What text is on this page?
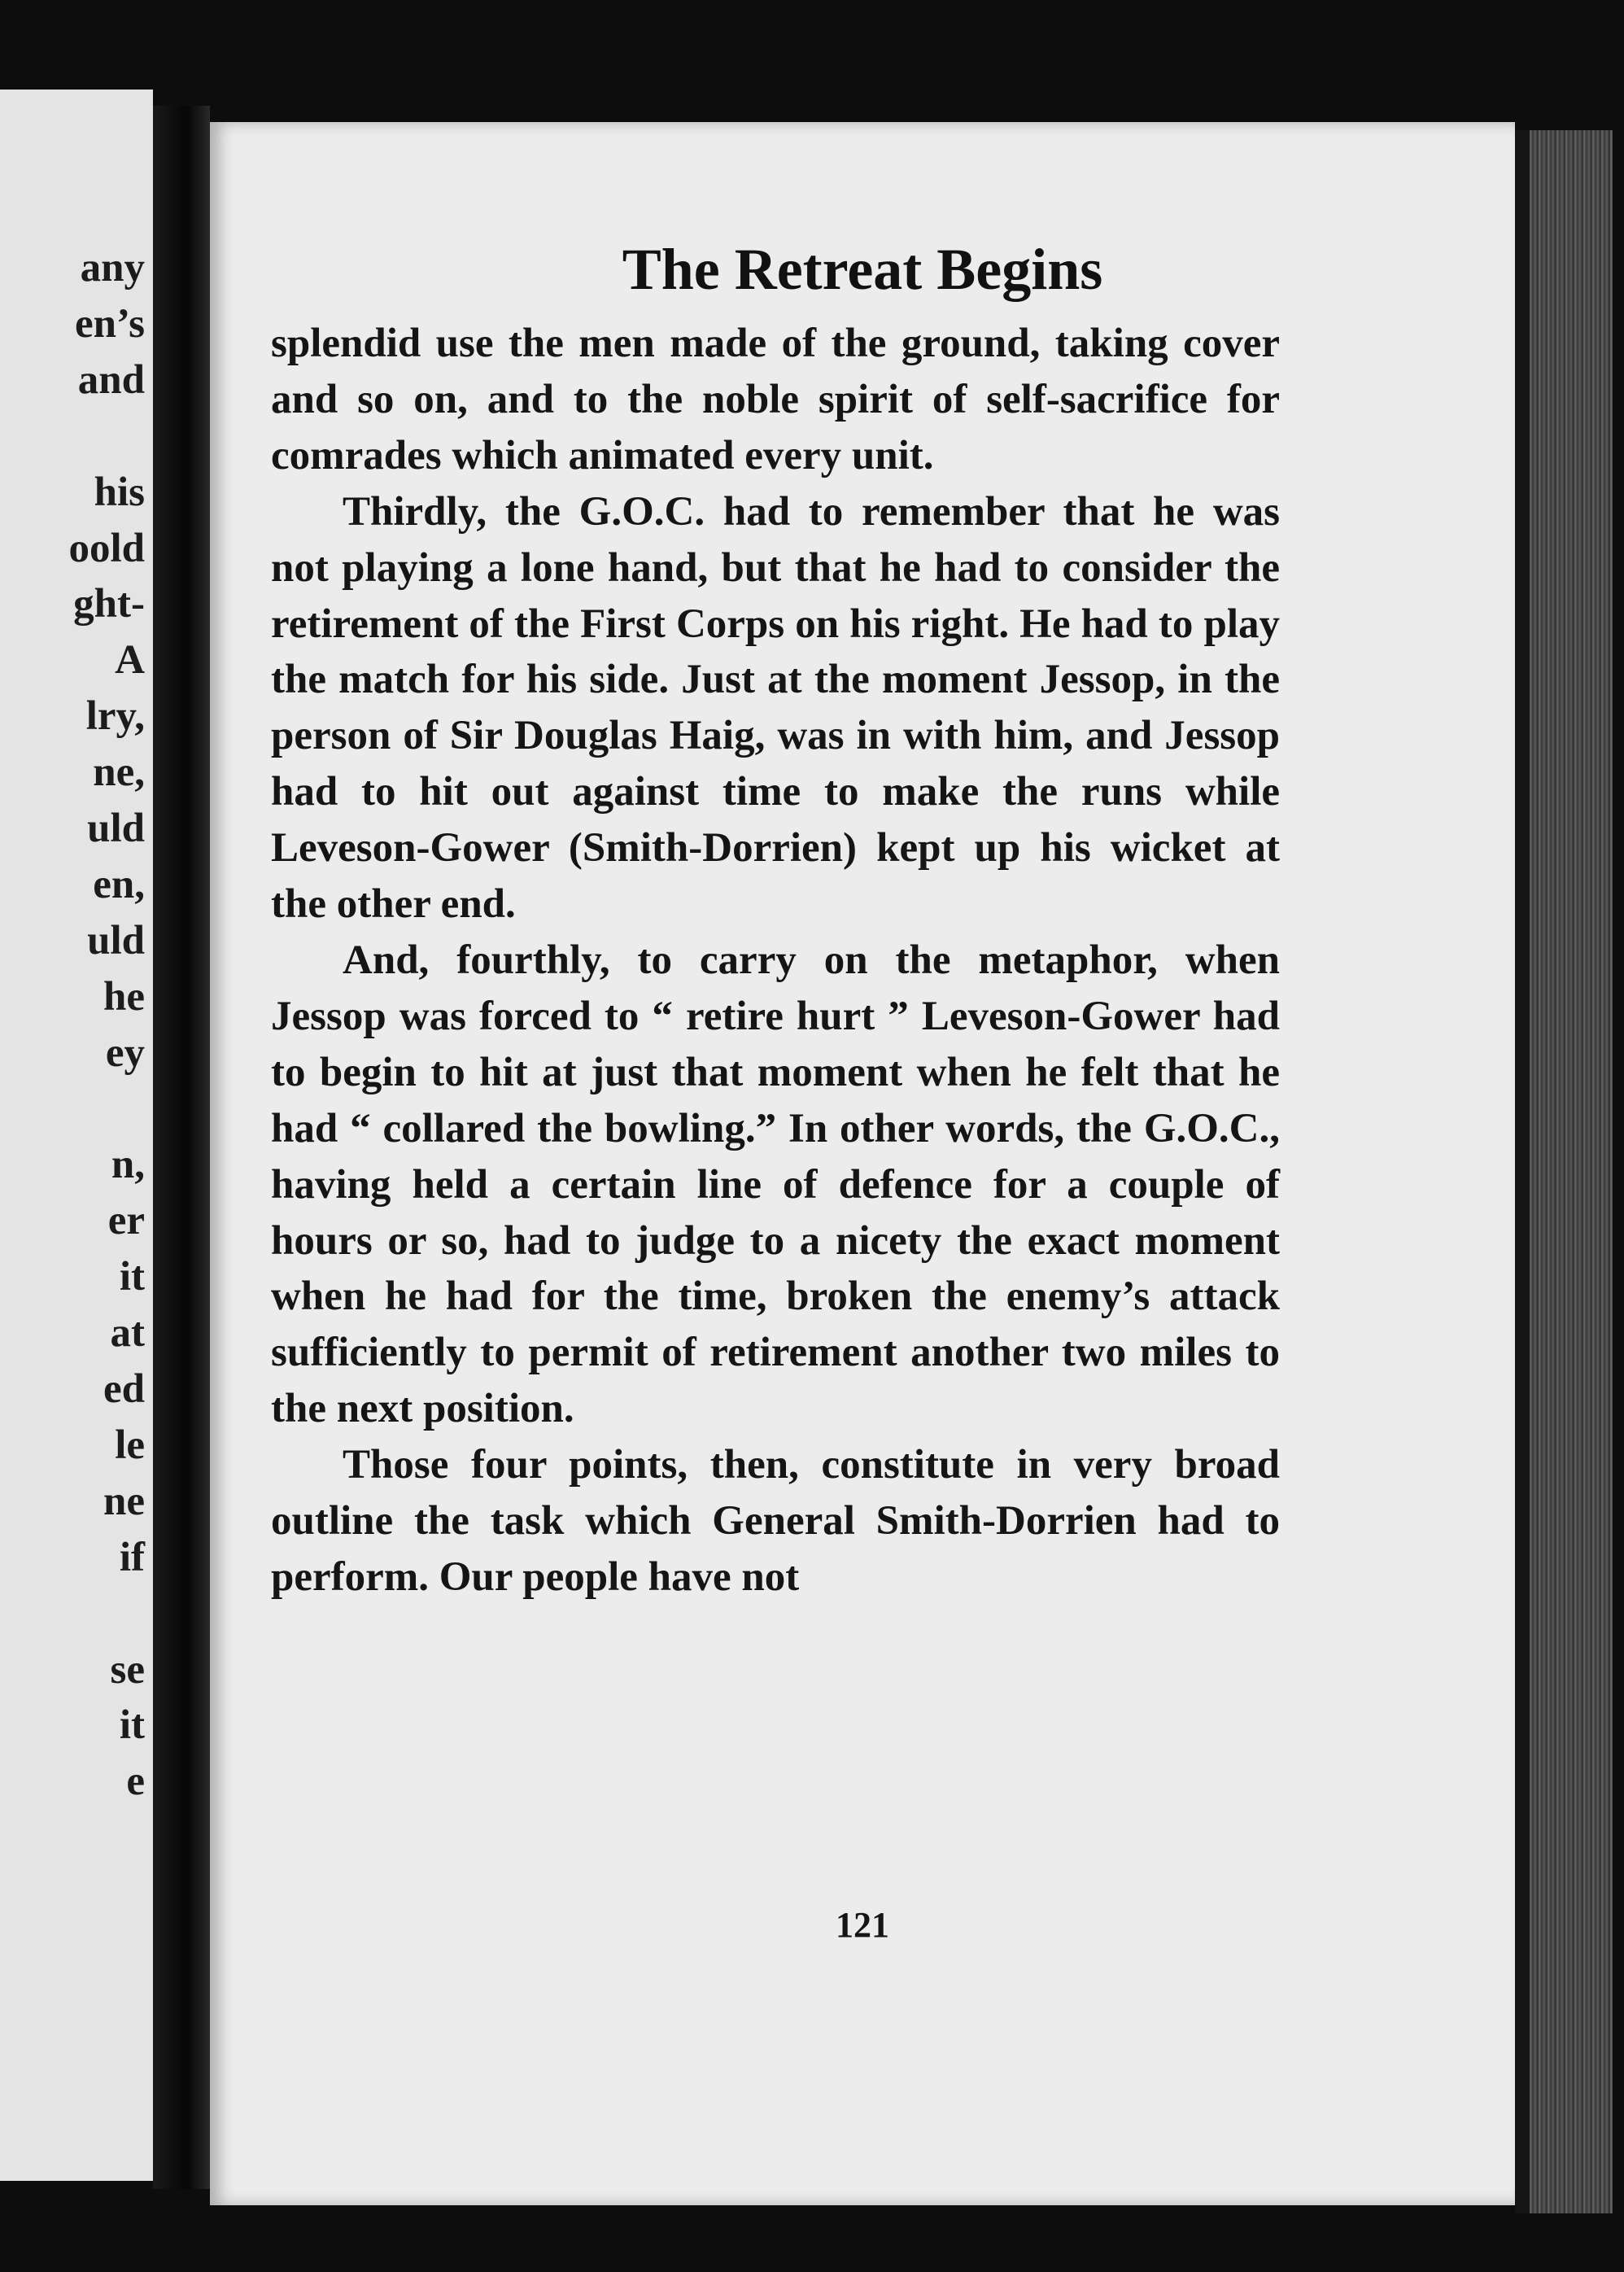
any
en’s
and
his
oold
ght-
A
lry,
ne,
uld
en,
uld
he
ey
n,
er
it
at
ed
le
ne
if
se
it
e
The Retreat Begins

splendid use the men made of the ground, taking cover and so on, and to the noble spirit of self-sacrifice for comrades which animated every unit.

Thirdly, the G.O.C. had to remember that he was not playing a lone hand, but that he had to consider the retirement of the First Corps on his right. He had to play the match for his side. Just at the moment Jessop, in the person of Sir Douglas Haig, was in with him, and Jessop had to hit out against time to make the runs while Leveson-Gower (Smith-Dorrien) kept up his wicket at the other end.

And, fourthly, to carry on the metaphor, when Jessop was forced to “ retire hurt ” Leveson-Gower had to begin to hit at just that moment when he felt that he had “ collared the bowling.” In other words, the G.O.C., having held a certain line of defence for a couple of hours or so, had to judge to a nicety the exact moment when he had for the time, broken the enemy’s attack sufficiently to permit of retirement another two miles to the next position.

Those four points, then, constitute in very broad outline the task which General Smith-Dorrien had to perform. Our people have not

121
